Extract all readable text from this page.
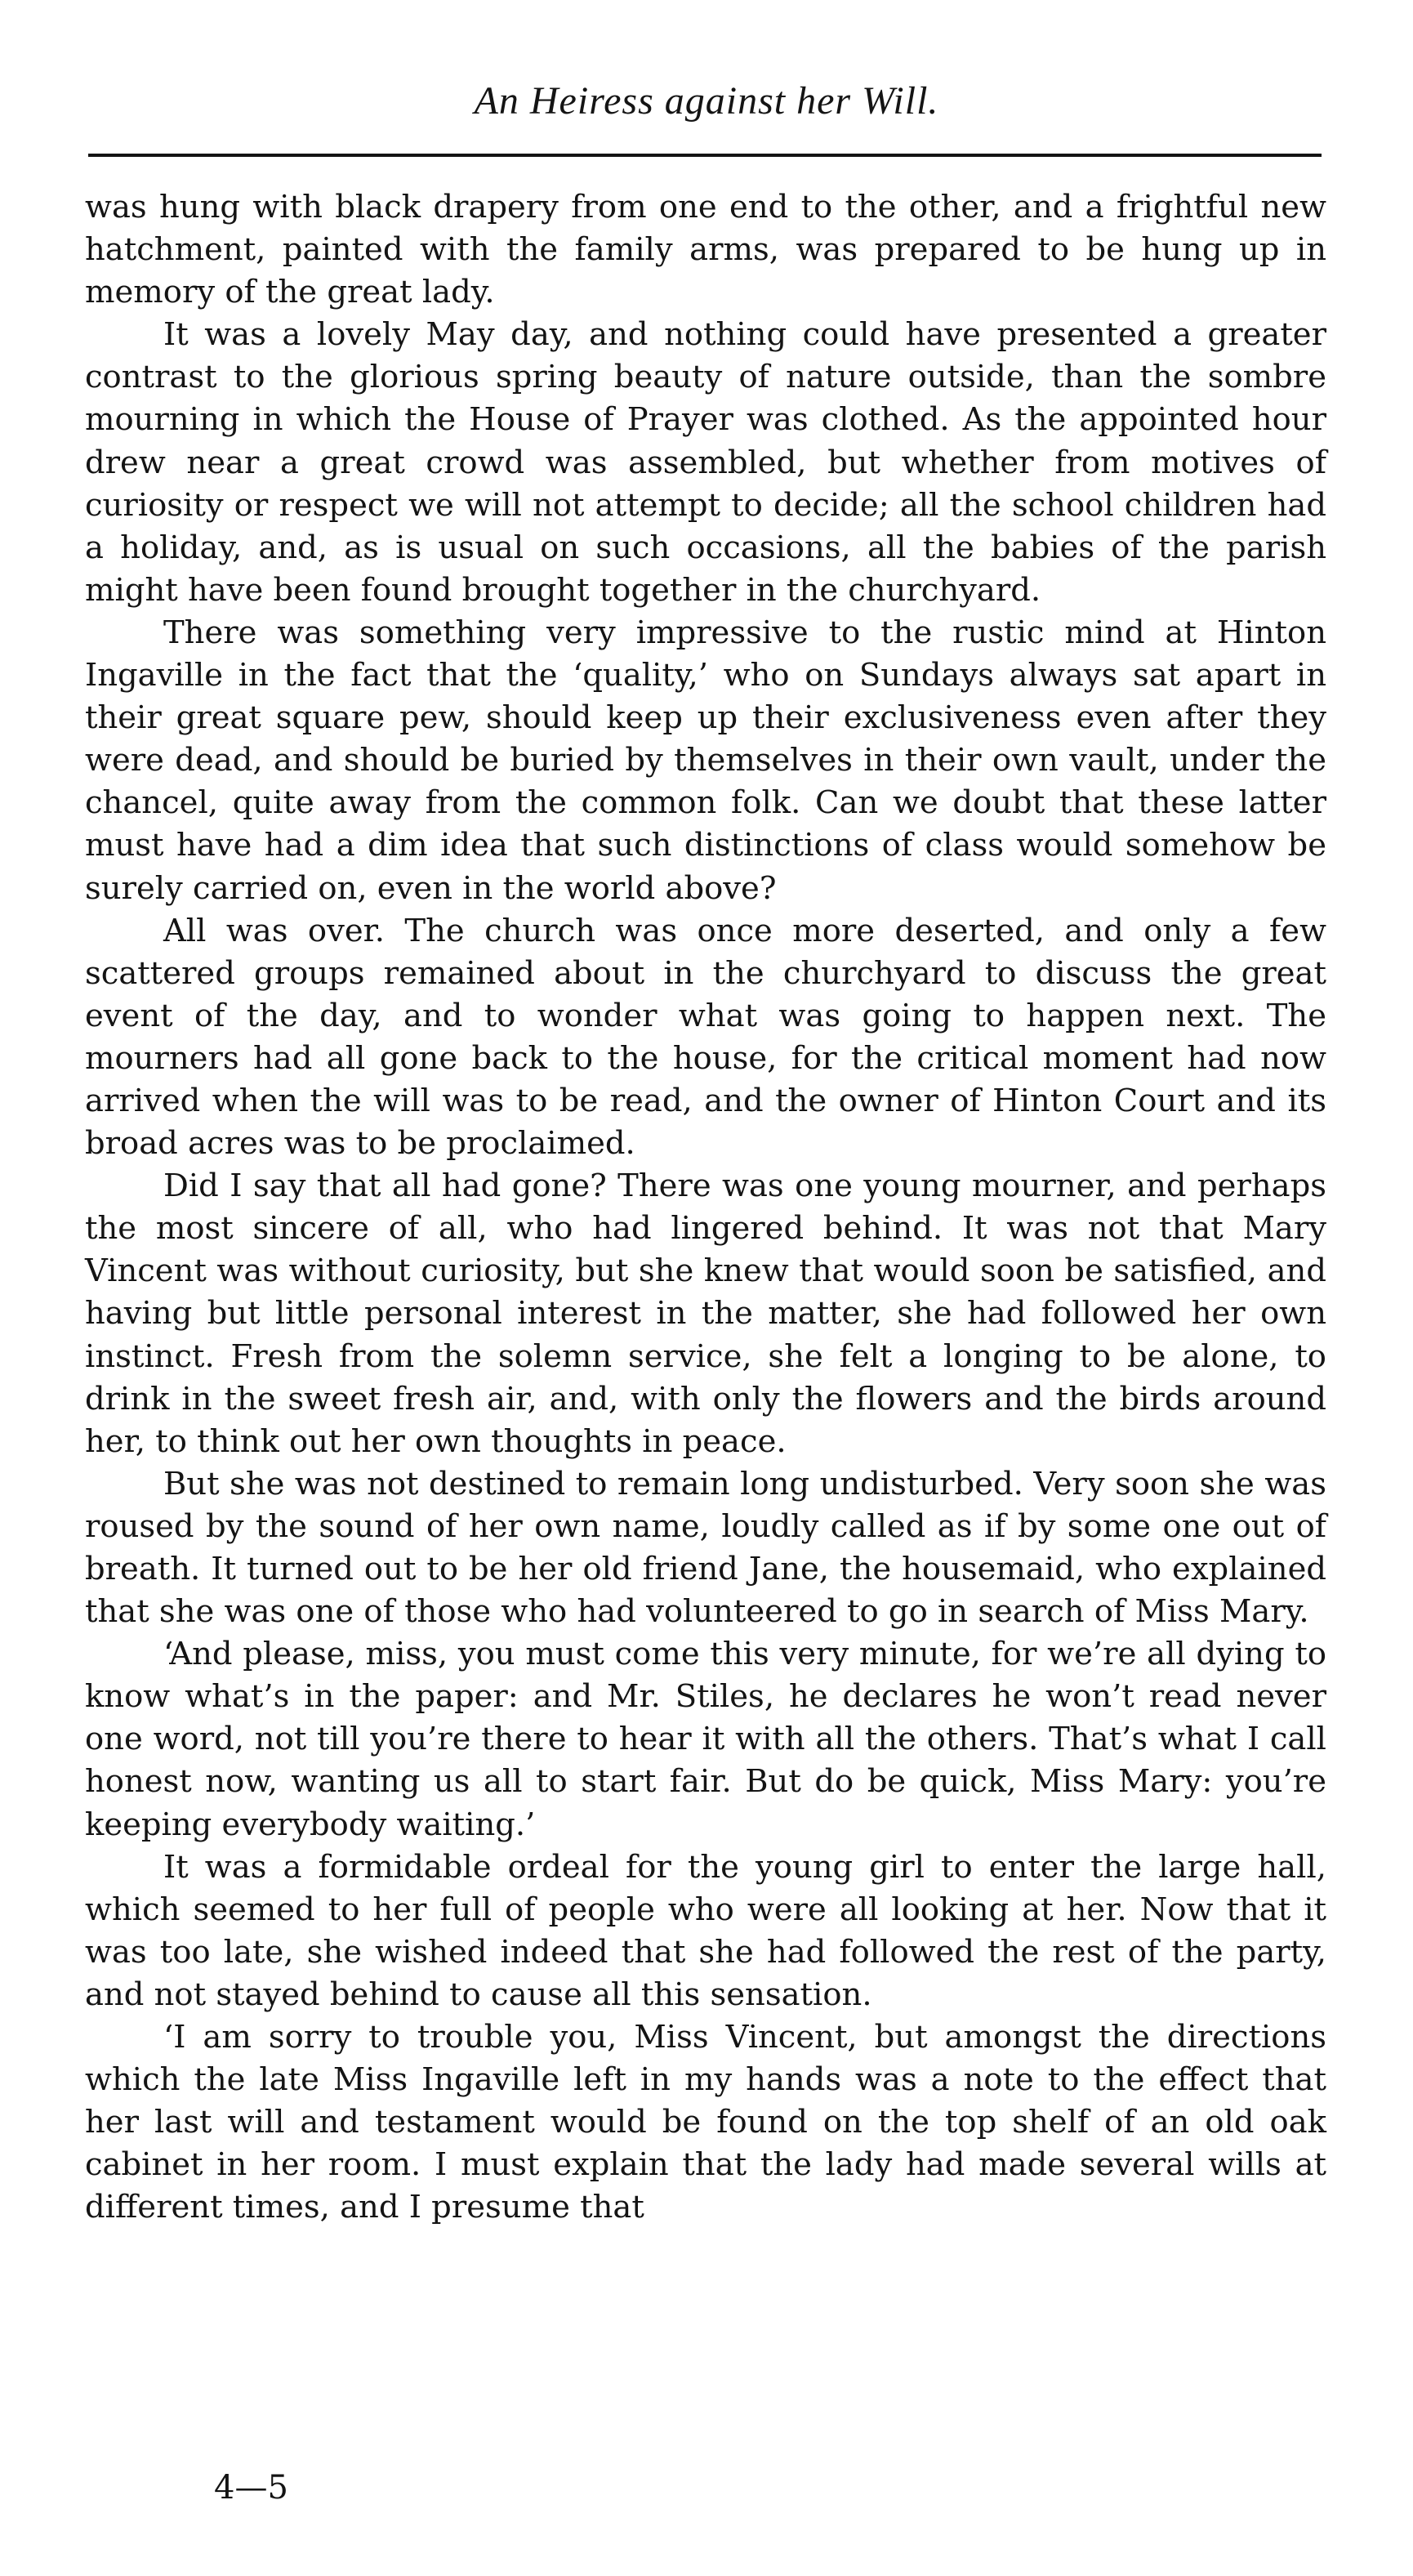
An Heiress against her Will.

was hung with black drapery from one end to the other, and a frightful new hatchment, painted with the family arms, was prepared to be hung up in memory of the great lady.

It was a lovely May day, and nothing could have presented a greater contrast to the glorious spring beauty of nature outside, than the sombre mourning in which the House of Prayer was clothed. As the appointed hour drew near a great crowd was assembled, but whether from motives of curiosity or respect we will not attempt to decide; all the school children had a holiday, and, as is usual on such occasions, all the babies of the parish might have been found brought together in the churchyard.

There was something very impressive to the rustic mind at Hinton Ingaville in the fact that the ‘quality,’ who on Sundays always sat apart in their great square pew, should keep up their exclusiveness even after they were dead, and should be buried by themselves in their own vault, under the chancel, quite away from the common folk. Can we doubt that these latter must have had a dim idea that such distinctions of class would somehow be surely carried on, even in the world above?

All was over. The church was once more deserted, and only a few scattered groups remained about in the churchyard to discuss the great event of the day, and to wonder what was going to happen next. The mourners had all gone back to the house, for the critical moment had now arrived when the will was to be read, and the owner of Hinton Court and its broad acres was to be proclaimed.

Did I say that all had gone? There was one young mourner, and perhaps the most sincere of all, who had lingered behind. It was not that Mary Vincent was without curiosity, but she knew that would soon be satisfied, and having but little personal interest in the matter, she had followed her own instinct. Fresh from the solemn service, she felt a longing to be alone, to drink in the sweet fresh air, and, with only the flowers and the birds around her, to think out her own thoughts in peace.

But she was not destined to remain long undisturbed. Very soon she was roused by the sound of her own name, loudly called as if by some one out of breath. It turned out to be her old friend Jane, the housemaid, who explained that she was one of those who had volunteered to go in search of Miss Mary.

‘And please, miss, you must come this very minute, for we’re all dying to know what’s in the paper: and Mr. Stiles, he declares he won’t read never one word, not till you’re there to hear it with all the others. That’s what I call honest now, wanting us all to start fair. But do be quick, Miss Mary: you’re keeping everybody waiting.’

It was a formidable ordeal for the young girl to enter the large hall, which seemed to her full of people who were all looking at her. Now that it was too late, she wished indeed that she had followed the rest of the party, and not stayed behind to cause all this sensation.

‘I am sorry to trouble you, Miss Vincent, but amongst the directions which the late Miss Ingaville left in my hands was a note to the effect that her last will and testament would be found on the top shelf of an old oak cabinet in her room. I must explain that the lady had made several wills at different times, and I presume that

4—5
